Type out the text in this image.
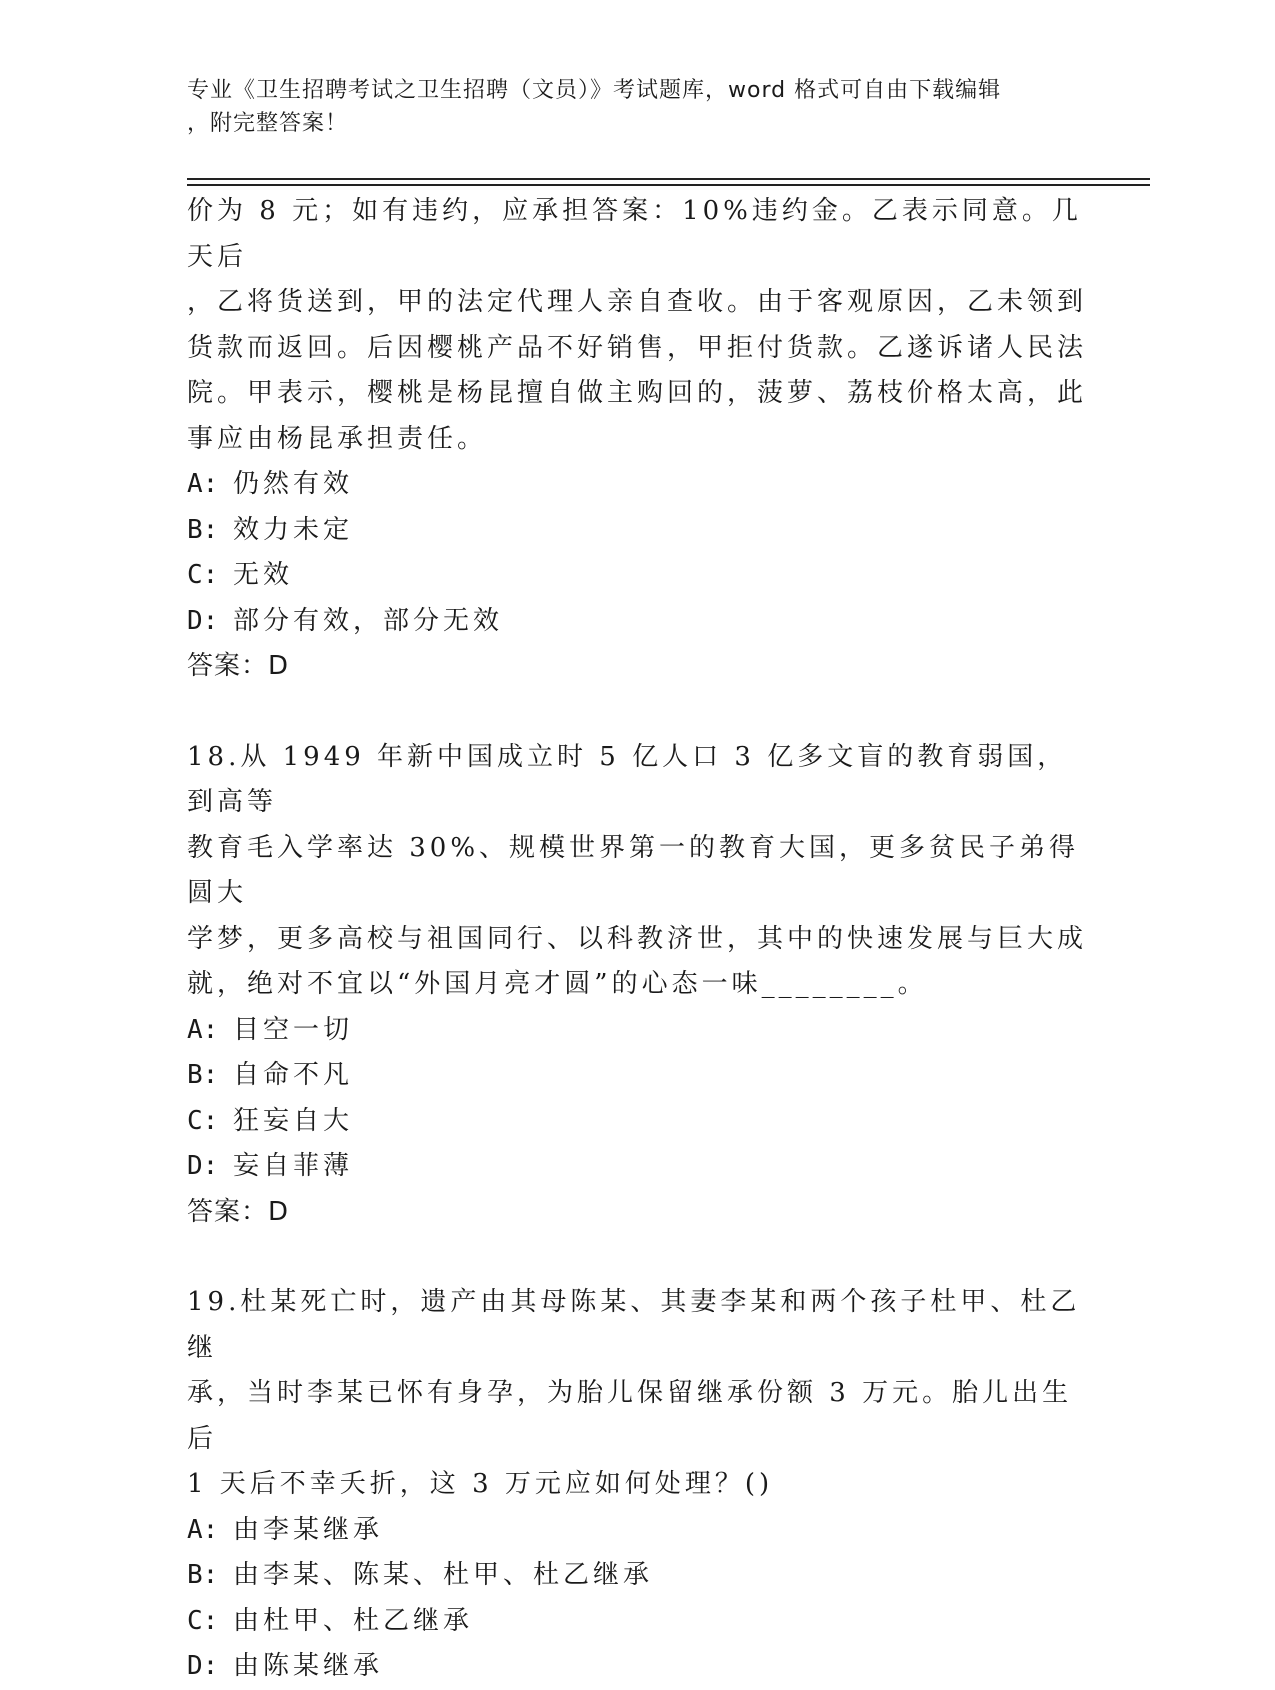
专业《卫生招聘考试之卫生招聘（文员）》考试题库，word 格式可自由下载编辑
，附完整答案！
价为 8 元；如有违约，应承担答案：10%违约金。乙表示同意。几天后
，乙将货送到，甲的法定代理人亲自查收。由于客观原因，乙未领到
货款而返回。后因樱桃产品不好销售，甲拒付货款。乙遂诉诸人民法
院。甲表示，樱桃是杨昆擅自做主购回的，菠萝、荔枝价格太高，此
事应由杨昆承担责任。
A: 仍然有效
B: 效力未定
C: 无效
D: 部分有效，部分无效
答案：D
18.从 1949 年新中国成立时 5 亿人口 3 亿多文盲的教育弱国，到高等
教育毛入学率达 30%、规模世界第一的教育大国，更多贫民子弟得圆大
学梦，更多高校与祖国同行、以科教济世，其中的快速发展与巨大成
就，绝对不宜以“外国月亮才圆”的心态一味________。
A: 目空一切
B: 自命不凡
C: 狂妄自大
D: 妄自菲薄
答案：D
19.杜某死亡时，遗产由其母陈某、其妻李某和两个孩子杜甲、杜乙继
承，当时李某已怀有身孕，为胎儿保留继承份额 3 万元。胎儿出生后
1 天后不幸夭折，这 3 万元应如何处理？()
A: 由李某继承
B: 由李某、陈某、杜甲、杜乙继承
C: 由杜甲、杜乙继承
D: 由陈某继承
